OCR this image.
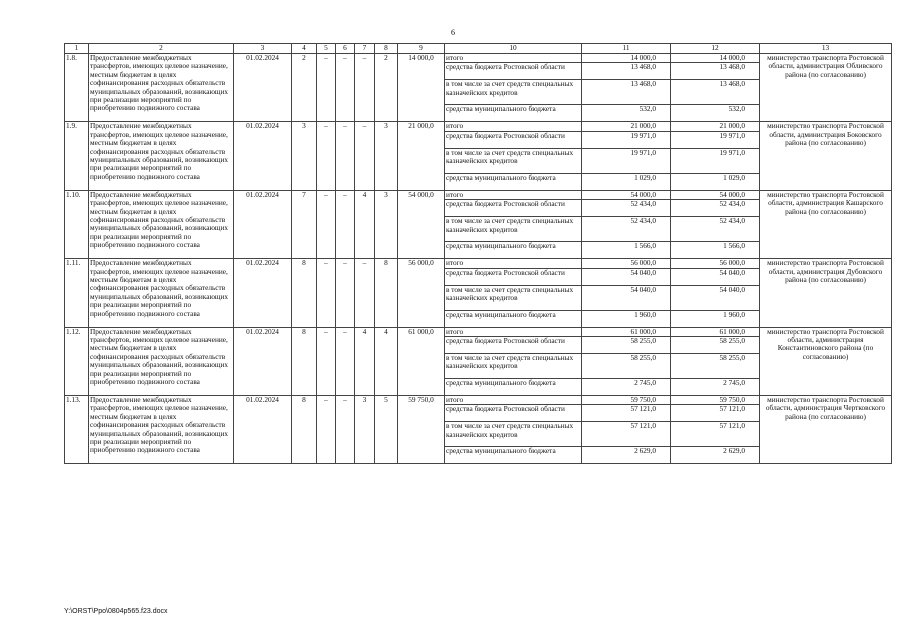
6
1	2	3	4	5	6	7	8	9	10	11	12	13
1.8.	Предоставление межбюджетных трансфертов, имеющих целевое назначение, местным бюджетам в целях софинансирования расходных обязательств муниципальных образований, возникающих при реализации мероприятий по приобретению подвижного состава	01.02.2024	2	–	–	–	2	14 000,0	итого	14 000,0	14 000,0	министерство транспорта Ростовской области, администрация Обливского района (по согласованию)
									средства бюджета Ростовской области	13 468,0	13 468,0	
									в том числе за счет средств специальных казначейских кредитов	13 468,0	13 468,0	
									средства муниципального бюджета	532,0	532,0	
1.9.	Предоставление межбюджетных трансфертов, имеющих целевое назначение, местным бюджетам в целях софинансирования расходных обязательств муниципальных образований, возникающих при реализации мероприятий по приобретению подвижного состава	01.02.2024	3	–	–	–	3	21 000,0	итого	21 000,0	21 000,0	министерство транспорта Ростовской области, администрация Боковского района (по согласованию)
									средства бюджета Ростовской области	19 971,0	19 971,0	
									в том числе за счет средств специальных казначейских кредитов	19 971,0	19 971,0	
									средства муниципального бюджета	1 029,0	1 029,0	
1.10.	Предоставление межбюджетных трансфертов, имеющих целевое назначение, местным бюджетам в целях софинансирования расходных обязательств муниципальных образований, возникающих при реализации мероприятий по приобретению подвижного состава	01.02.2024	7	–	–	4	3	54 000,0	итого	54 000,0	54 000,0	министерство транспорта Ростовской области, администрация Кашарского района (по согласованию)
									средства бюджета Ростовской области	52 434,0	52 434,0	
									в том числе за счет средств специальных казначейских кредитов	52 434,0	52 434,0	
									средства муниципального бюджета	1 566,0	1 566,0	
1.11.	Предоставление межбюджетных трансфертов, имеющих целевое назначение, местным бюджетам в целях софинансирования расходных обязательств муниципальных образований, возникающих при реализации мероприятий по приобретению подвижного состава	01.02.2024	8	–	–	–	8	56 000,0	итого	56 000,0	56 000,0	министерство транспорта Ростовской области, администрация Дубовского района (по согласованию)
									средства бюджета Ростовской области	54 040,0	54 040,0	
									в том числе за счет средств специальных казначейских кредитов	54 040,0	54 040,0	
									средства муниципального бюджета	1 960,0	1 960,0	
1.12.	Предоставление межбюджетных трансфертов, имеющих целевое назначение, местным бюджетам в целях софинансирования расходных обязательств муниципальных образований, возникающих при реализации мероприятий по приобретению подвижного состава	01.02.2024	8	–	–	4	4	61 000,0	итого	61 000,0	61 000,0	министерство транспорта Ростовской области, администрация Константиновского района (по согласованию)
									средства бюджета Ростовской области	58 255,0	58 255,0	
									в том числе за счет средств специальных казначейских кредитов	58 255,0	58 255,0	
									средства муниципального бюджета	2 745,0	2 745,0	
1.13.	Предоставление межбюджетных трансфертов, имеющих целевое назначение, местным бюджетам в целях софинансирования расходных обязательств муниципальных образований, возникающих при реализации мероприятий по приобретению подвижного состава	01.02.2024	8	–	–	3	5	59 750,0	итого	59 750,0	59 750,0	министерство транспорта Ростовской области, администрация Чертковского района (по согласованию)
									средства бюджета Ростовской области	57 121,0	57 121,0	
									в том числе за счет средств специальных казначейских кредитов	57 121,0	57 121,0	
									средства муниципального бюджета	2 629,0	2 629,0	
Y:\ORST\Ppo\0804p565.f23.docx
